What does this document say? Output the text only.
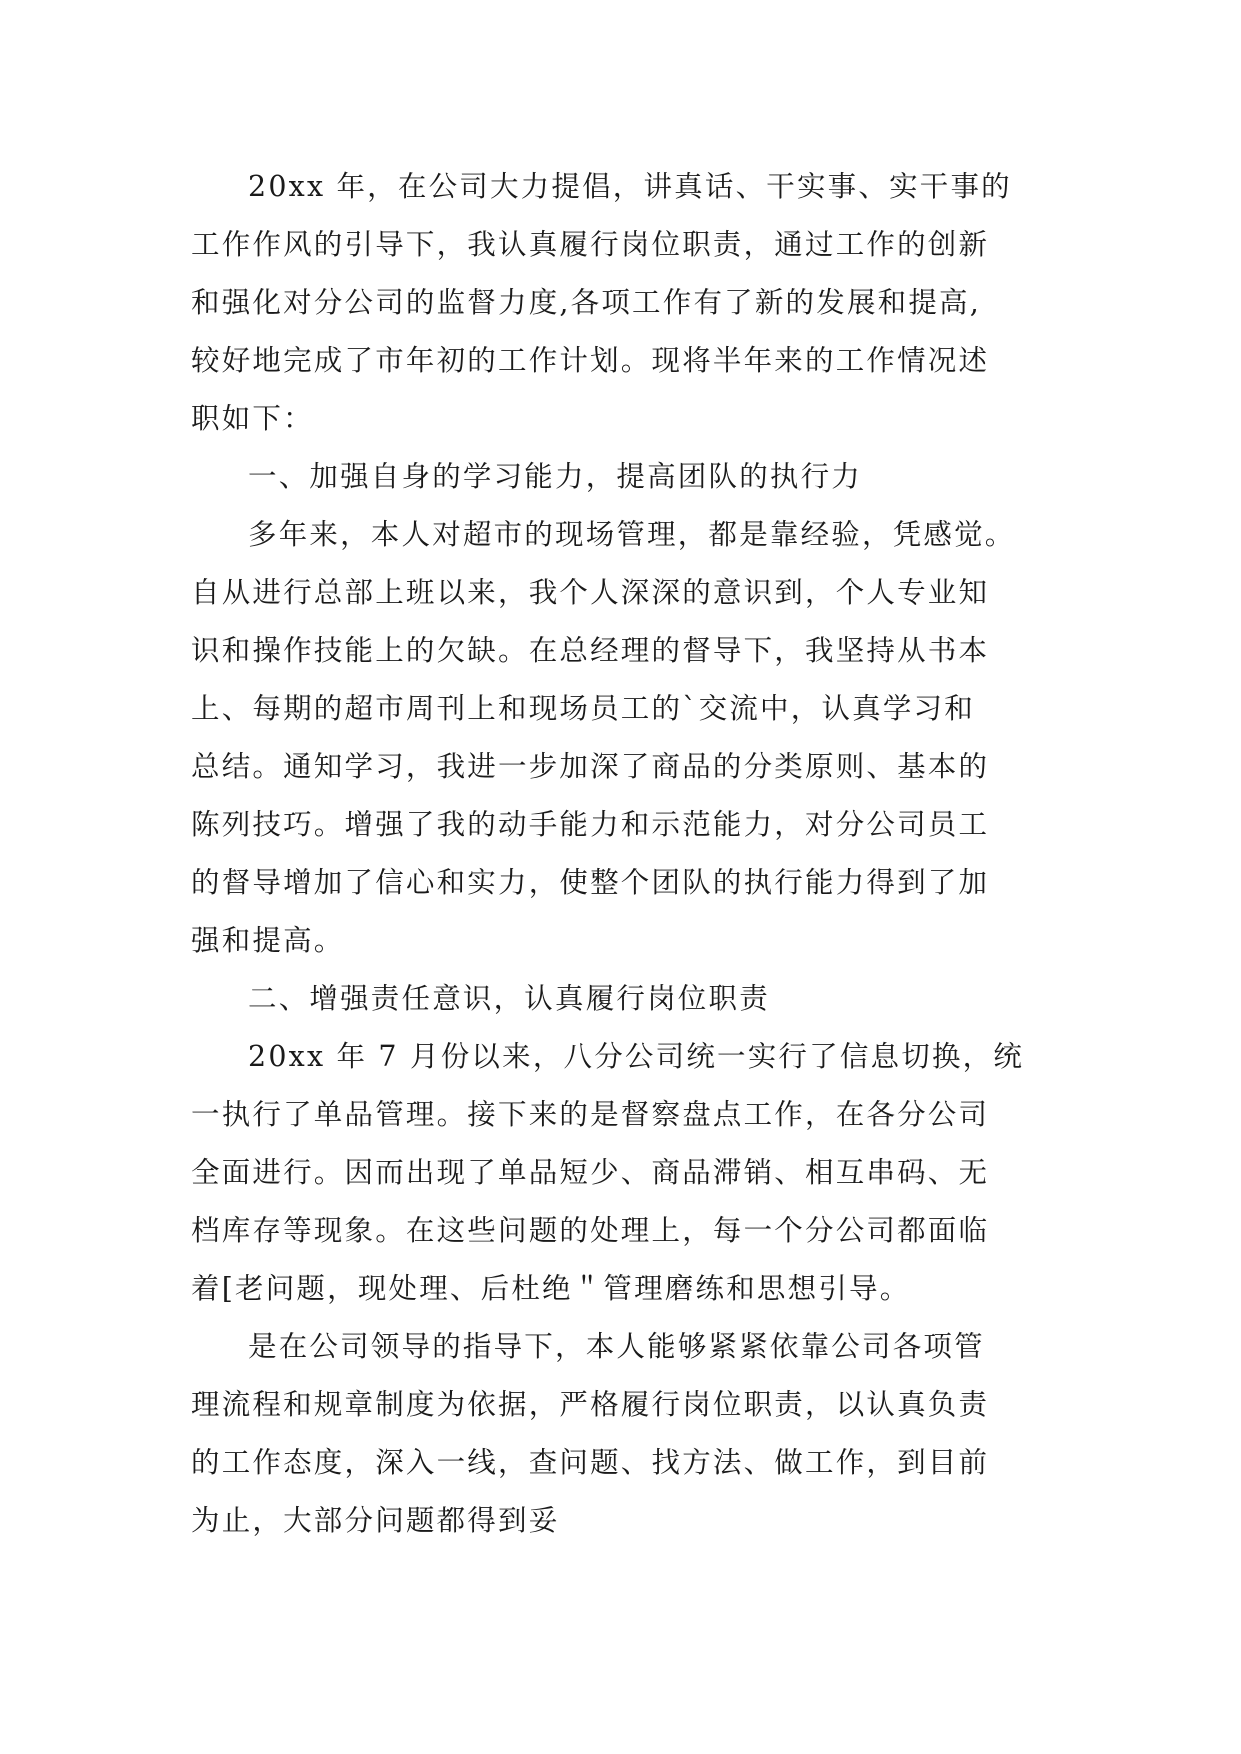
20xx 年，在公司大力提倡，讲真话、干实事、实干事的
工作作风的引导下，我认真履行岗位职责，通过工作的创新
和强化对分公司的监督力度,各项工作有了新的发展和提高,
较好地完成了市年初的工作计划。现将半年来的工作情况述
职如下：
一、加强自身的学习能力，提高团队的执行力
多年来，本人对超市的现场管理，都是靠经验，凭感觉。
自从进行总部上班以来，我个人深深的意识到，个人专业知
识和操作技能上的欠缺。在总经理的督导下，我坚持从书本
上、每期的超市周刊上和现场员工的`交流中，认真学习和
总结。通知学习，我进一步加深了商品的分类原则、基本的
陈列技巧。增强了我的动手能力和示范能力，对分公司员工
的督导增加了信心和实力，使整个团队的执行能力得到了加
强和提高。
二、增强责任意识，认真履行岗位职责
20xx 年 7 月份以来，八分公司统一实行了信息切换，统
一执行了单品管理。接下来的是督察盘点工作，在各分公司
全面进行。因而出现了单品短少、商品滞销、相互串码、无
档库存等现象。在这些问题的处理上，每一个分公司都面临
着[老问题，现处理、后杜绝＂管理磨练和思想引导。
是在公司领导的指导下，本人能够紧紧依靠公司各项管
理流程和规章制度为依据，严格履行岗位职责，以认真负责
的工作态度，深入一线，查问题、找方法、做工作，到目前
为止，大部分问题都得到妥
